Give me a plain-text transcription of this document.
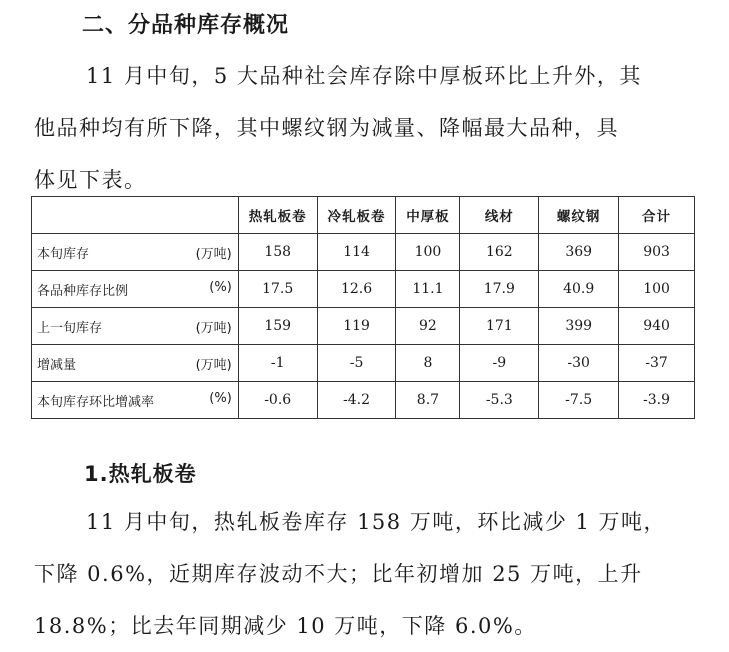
二、分品种库存概况
11 月中旬，5 大品种社会库存除中厚板环比上升外，其
他品种均有所下降，其中螺纹钢为减量、降幅最大品种，具
体见下表。
	热轧板卷	冷轧板卷	中厚板	线材	螺纹钢	合计

本旬库存 (万吨)	158	114	100	162	369	903

各品种库存比例 (%)	17.5	12.6	11.1	17.9	40.9	100

上一旬库存 (万吨)	159	119	92	171	399	940

增减量 (万吨)	-1	-5	8	-9	-30	-37

本旬库存环比增减率 (%)	-0.6	-4.2	8.7	-5.3	-7.5	-3.9
1.热轧板卷
11 月中旬，热轧板卷库存 158 万吨，环比减少 1 万吨，
下降 0.6%，近期库存波动不大；比年初增加 25 万吨，上升
18.8%；比去年同期减少 10 万吨，下降 6.0%。
